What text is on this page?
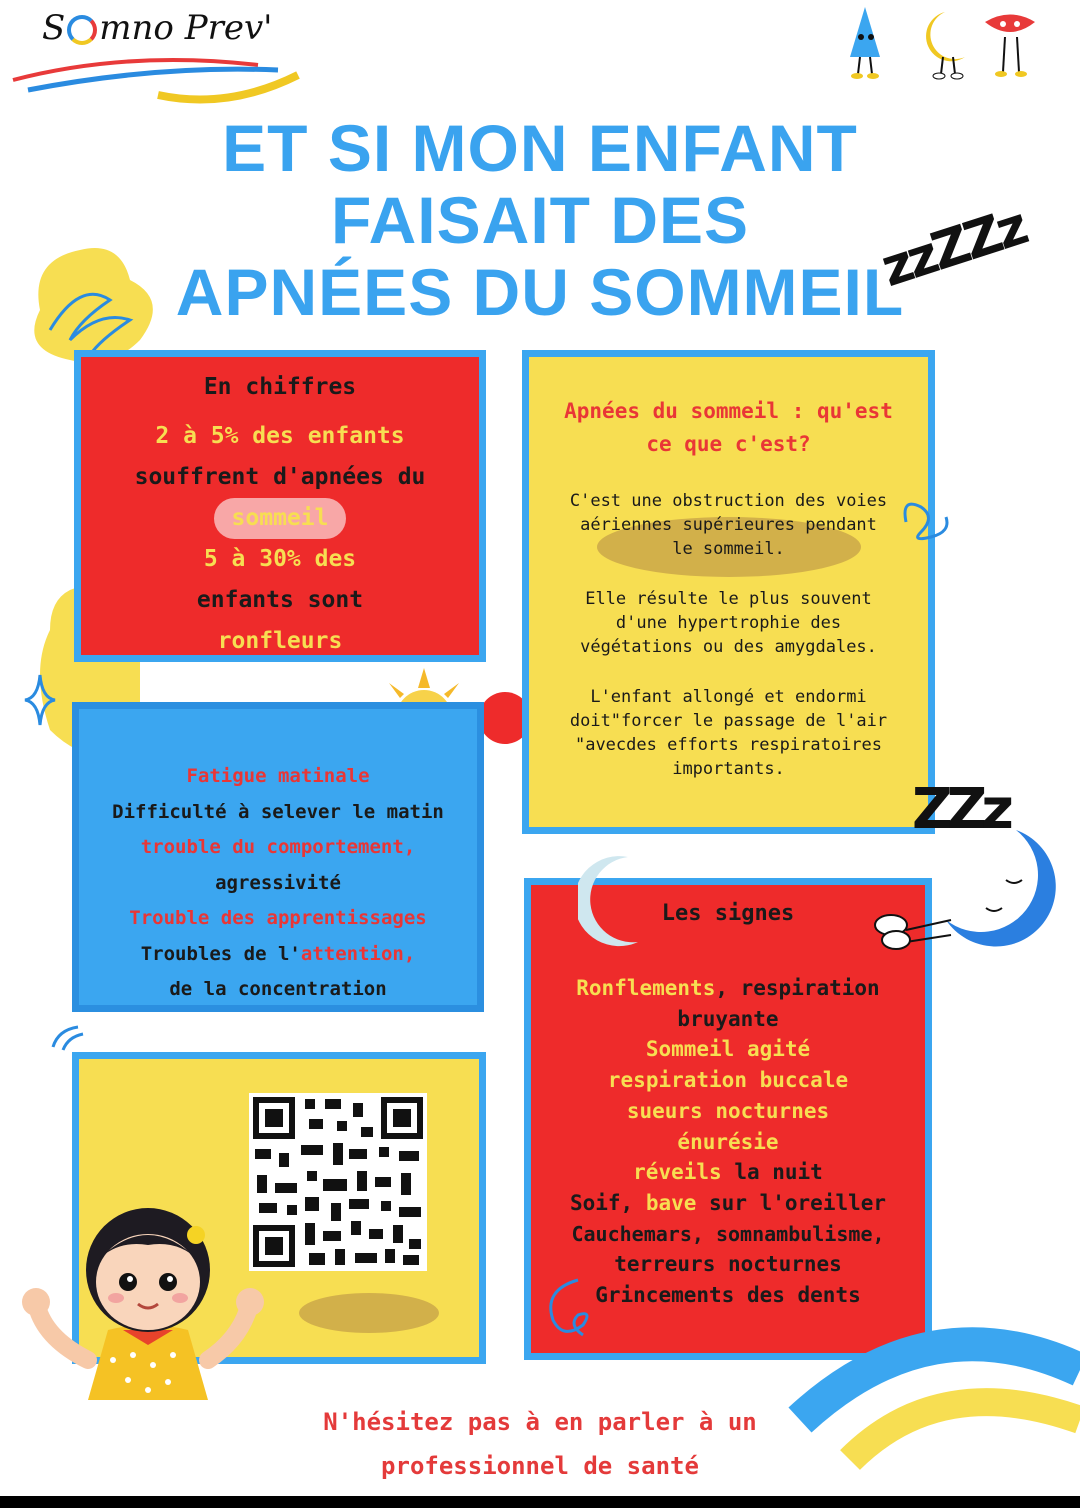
S mno Prev'
ET SI MON ENFANT
FAISAIT DES
APNÉES DU SOMMEIL
zzZZz
En chiffres
2 à 5% des enfants
souffrent d'apnées du
sommeil
5 à 30% des
enfants sont
ronfleurs
Apnées du sommeil : qu'est
ce que c'est?
C'est une obstruction des voies
aériennes supérieures pendant
le sommeil.
Elle résulte le plus souvent
d'une hypertrophie des
végétations ou des amygdales.
L'enfant allongé et endormi
doit"forcer le passage de l'air
"avecdes efforts respiratoires
importants.
Fatigue matinale
Difficulté à selever le matin
trouble du comportement,
agressivité
Trouble des apprentissages
Troubles de l'attention,
de la concentration
Les signes
Ronflements, respiration
bruyante
Sommeil agité
respiration buccale
sueurs nocturnes
énurésie
réveils la nuit
Soif, bave sur l'oreiller
Cauchemars, somnambulisme,
terreurs nocturnes
Grincements des dents
ZZz
N'hésitez pas à en parler à un
professionnel de santé
